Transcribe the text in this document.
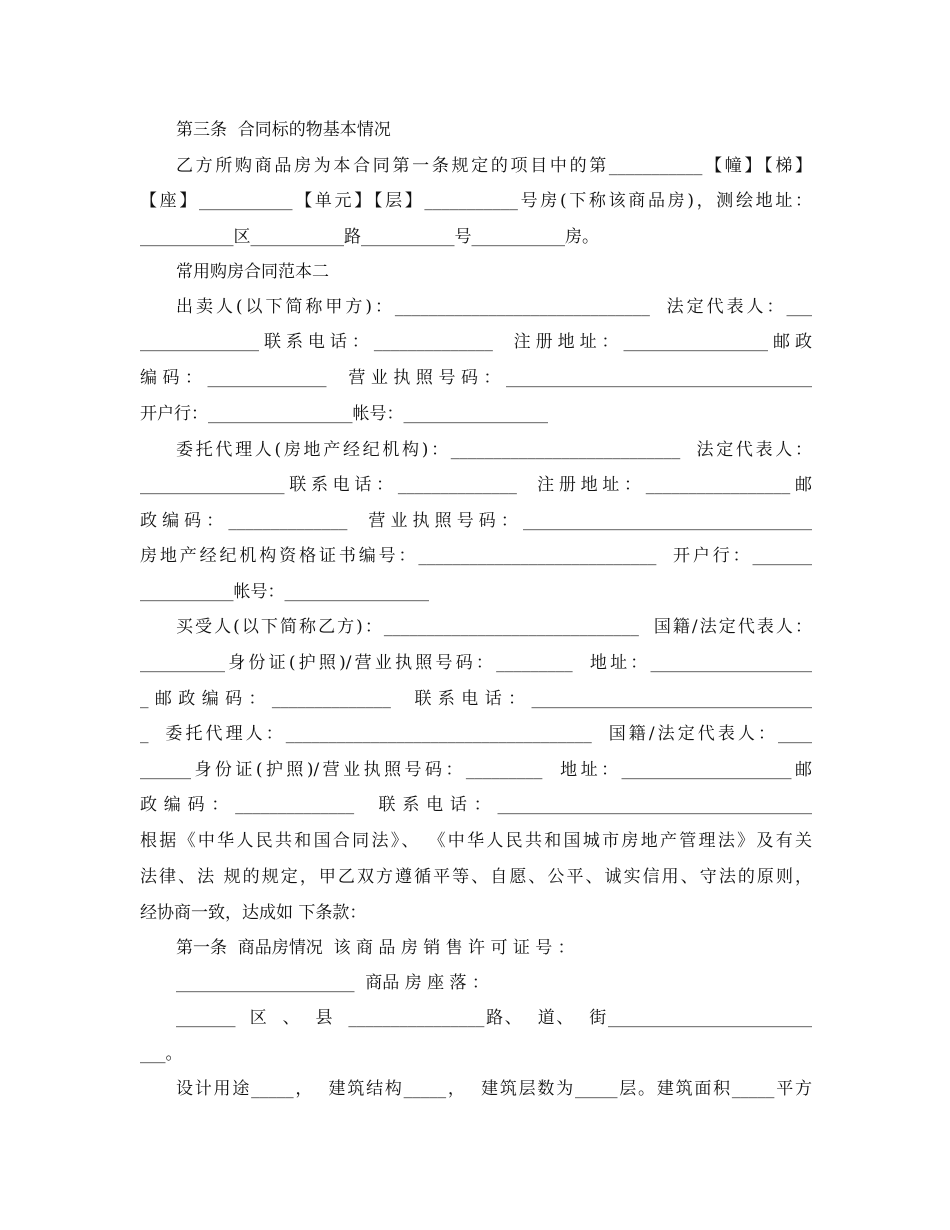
第三条  合同标的物基本情况

乙方所购商品房为本合同第一条规定的项目中的第___________【幢】【梯】

【座】___________【单元】【层】___________号房(下称该商品房)，测绘地址：

___________区___________路___________号___________房。

常用购房合同范本二

出卖人(以下简称甲方)：______________________________  法定代表人：___

______________联系电话：______________  注册地址：_________________邮政

编码：______________  营业执照号码：____________________________________

开户行：_________________帐号：_________________

委托代理人(房地产经纪机构)：___________________________  法定代表人：

_________________联系电话：______________  注册地址：_________________邮

政编码：______________  营业执照号码：__________________________________

房地产经纪机构资格证书编号：____________________________  开户行：_______

___________帐号：_________________

买受人(以下简称乙方)：______________________________  国籍/法定代表人：

__________身份证(护照)/营业执照号码：_________  地址：___________________

_邮政编码：______________  联系电话：_________________________________

_  委托代理人：____________________________________  国籍/法定代表人：____

______身份证(护照)/营业执照号码：_________  地址：____________________邮

政编码：______________  联系电话：_____________________________________

根据《中华人民共和国合同法》、 《中华人民共和国城市房地产管理法》及有关

法律、法 规的规定，甲乙双方遵循平等、自愿、公平、诚实信用、守法的原则，

经协商一致，达成如 下条款：

第一条  商品房情况  该 商 品 房 销 售 许 可 证 号 ：

_____________________  商品 房 座 落 ：

_______  区  、  县  ________________路、  道、  街________________________

___。

设计用途_____，  建筑结构_____，  建筑层数为_____层。建筑面积_____平方
